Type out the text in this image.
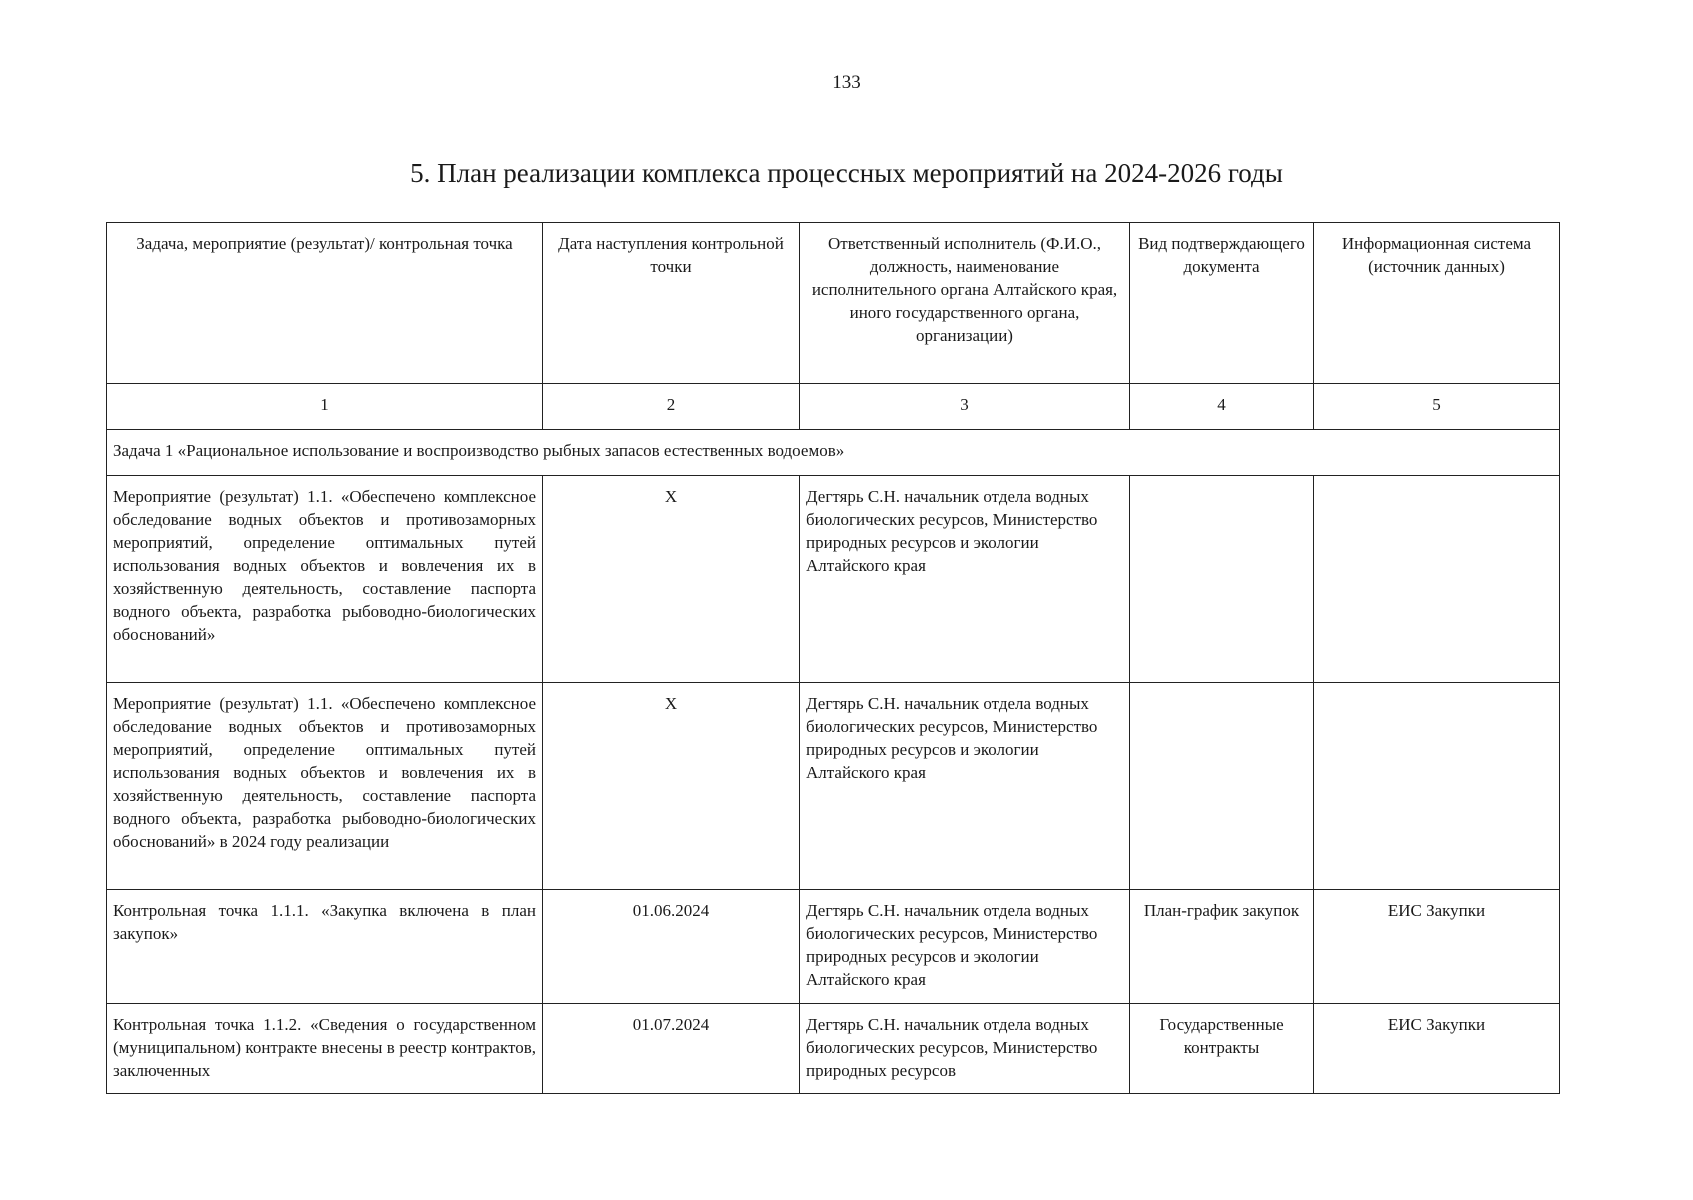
133
5. План реализации комплекса процессных мероприятий на 2024-2026 годы
Задача, мероприятие (результат)/ контрольная точка	Дата наступления контрольной точки	Ответственный исполнитель (Ф.И.О., должность, наименование исполнительного органа Алтайского края, иного государственного органа, организации)	Вид подтверждающего документа	Информационная система (источник данных)
1	2	3	4	5
Задача 1 «Рациональное использование и воспроизводство рыбных запасов естественных водоемов»				
Мероприятие (результат) 1.1. «Обеспечено комплексное обследование водных объектов и противозаморных мероприятий, определение оптимальных путей использования водных объектов и вовлечения их в хозяйственную деятельность, составление паспорта водного объекта, разработка рыбоводно-биологических обоснований»	X	Дегтярь С.Н. начальник отдела водных биологических ресурсов, Министерство природных ресурсов и экологии Алтайского края		
Мероприятие (результат) 1.1. «Обеспечено комплексное обследование водных объектов и противозаморных мероприятий, определение оптимальных путей использования водных объектов и вовлечения их в хозяйственную деятельность, составление паспорта водного объекта, разработка рыбоводно-биологических обоснований» в 2024 году реализации	X	Дегтярь С.Н. начальник отдела водных биологических ресурсов, Министерство природных ресурсов и экологии Алтайского края		
Контрольная точка 1.1.1. «Закупка включена в план закупок»	01.06.2024	Дегтярь С.Н. начальник отдела водных биологических ресурсов, Министерство природных ресурсов и экологии Алтайского края	План-график закупок	ЕИС Закупки
Контрольная точка 1.1.2. «Сведения о государственном (муниципальном) контракте внесены в реестр контрактов, заключенных	01.07.2024	Дегтярь С.Н. начальник отдела водных биологических ресурсов, Министерство природных ресурсов	Государственные контракты	ЕИС Закупки
